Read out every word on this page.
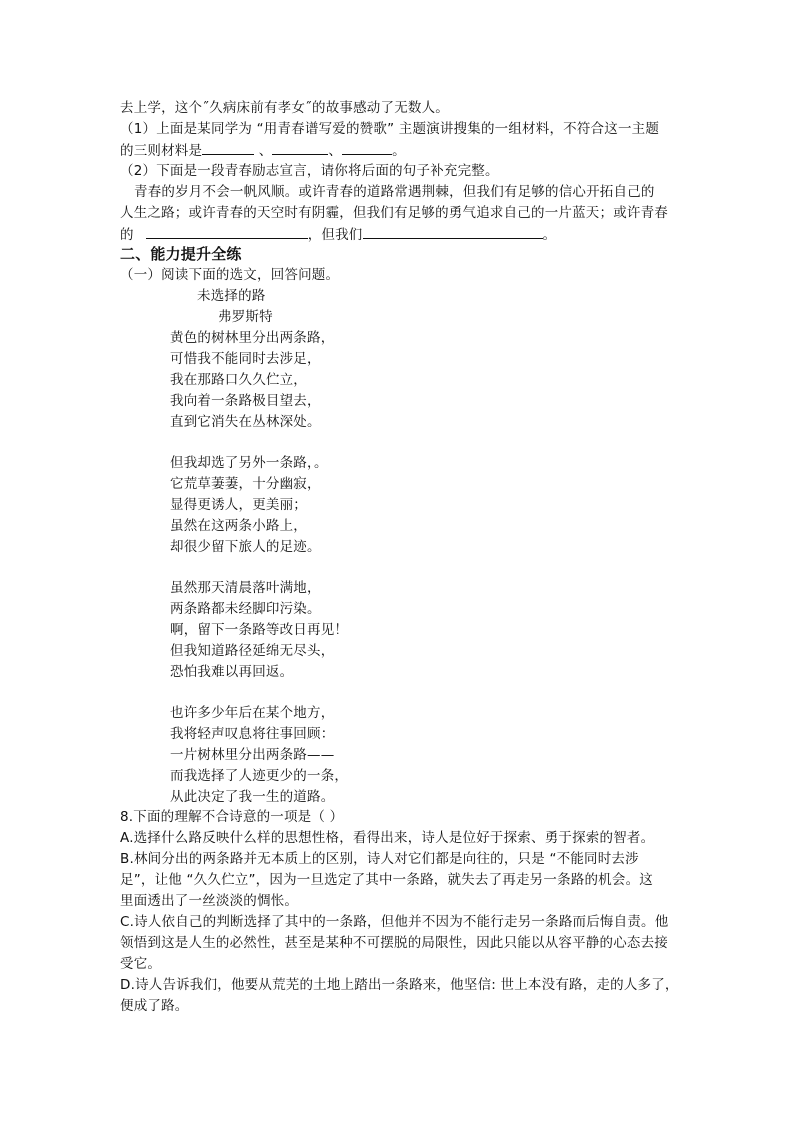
去上学，这个˝久病床前有孝女˝的故事感动了无数人。
（1）上面是某同学为 “用青春谱写爱的赞歌” 主题演讲搜集的一组材料，不符合这一主题
的三则材料是	、	、	。
（2）下面是一段青春励志宣言，请你将后面的句子补充完整。
青春的岁月不会一帆风顺。或许青春的道路常遇荆棘，但我们有足够的信心开拓自己的
人生之路；或许青春的天空时有阴霾，但我们有足够的勇气追求自己的一片蓝天；或许青春
的	，但我们	。
二、能力提升全练
（一）阅读下面的选文，回答问题。
未选择的路
弗罗斯特
黄色的树林里分出两条路，
可惜我不能同时去涉足，
我在那路口久久伫立，
我向着一条路极目望去，
直到它消失在丛林深处。
但我却选了另外一条路，。
它荒草萋萋，十分幽寂，
显得更诱人，更美丽；
虽然在这两条小路上，
却很少留下旅人的足迹。
虽然那天清晨落叶满地，
两条路都未经脚印污染。
啊，留下一条路等改日再见！
但我知道路径延绵无尽头，
恐怕我难以再回返。
也许多少年后在某个地方，
我将轻声叹息将往事回顾：
一片树林里分出两条路——
而我选择了人迹更少的一条，
从此决定了我一生的道路。
8.下面的理解不合诗意的一项是（ ）
A.选择什么路反映什么样的思想性格，看得出来，诗人是位好于探索、勇于探索的智者。
B.林间分出的两条路并无本质上的区别，诗人对它们都是向往的，只是 “不能同时去涉
足”，让他 “久久伫立”，因为一旦选定了其中一条路，就失去了再走另一条路的机会。这
里面透出了一丝淡淡的惆怅。
C.诗人依自己的判断选择了其中的一条路，但他并不因为不能行走另一条路而后悔自责。他
领悟到这是人生的必然性，甚至是某种不可摆脱的局限性，因此只能以从容平静的心态去接
受它。
D.诗人告诉我们，他要从荒芜的土地上踏出一条路来，他坚信: 世上本没有路，走的人多了，
便成了路。
